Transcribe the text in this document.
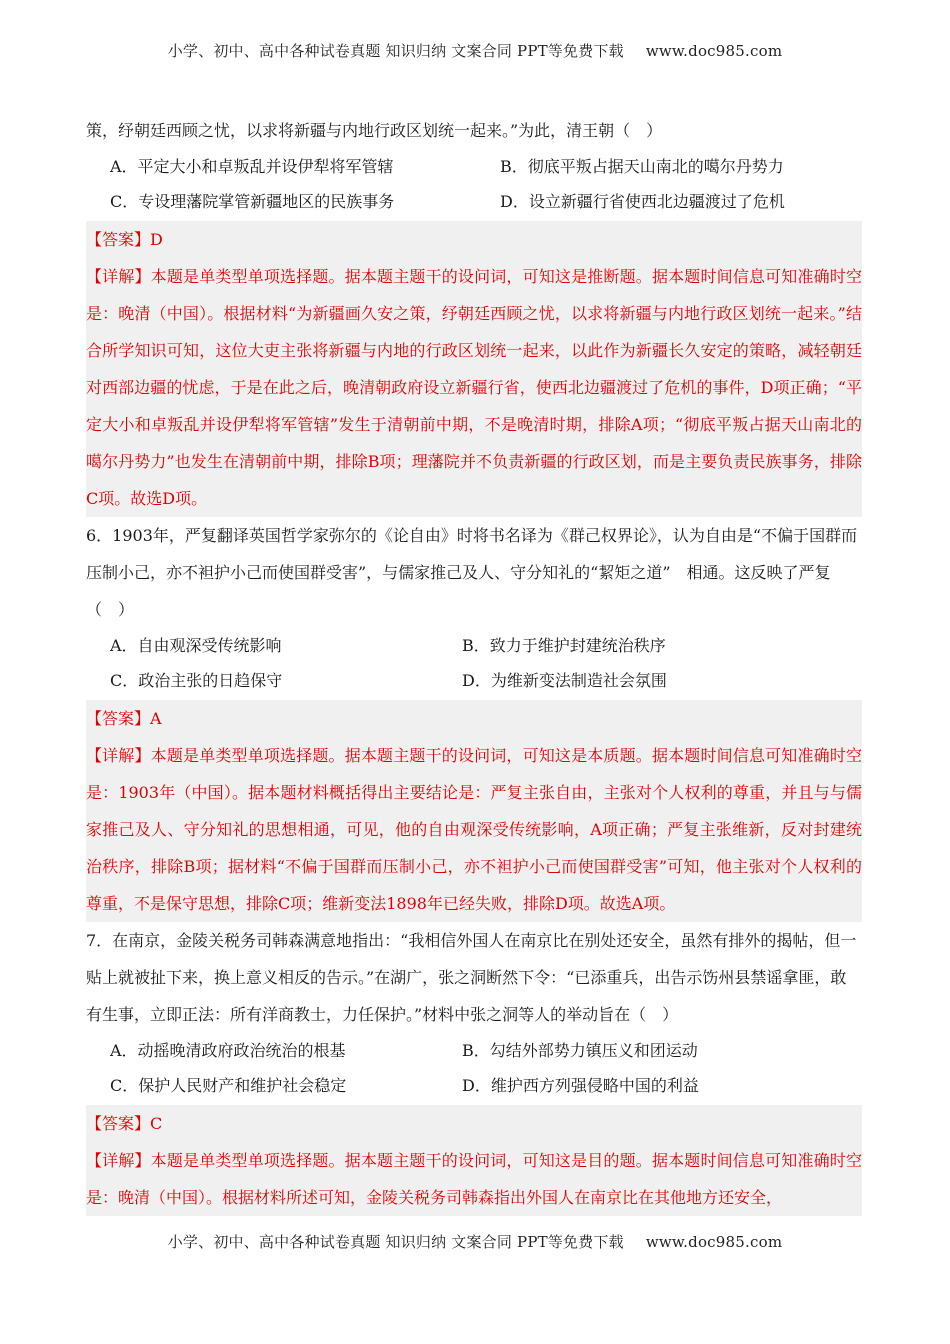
小学、初中、高中各种试卷真题 知识归纳 文案合同 PPT等免费下载 www.doc985.com

策，纾朝廷西顾之忧，以求将新疆与内地行政区划统一起来。”为此，清王朝（　）

A．平定大小和卓叛乱并设伊犁将军管辖	B．彻底平叛占据天山南北的噶尔丹势力
C．专设理藩院掌管新疆地区的民族事务	D．设立新疆行省使西北边疆渡过了危机

【答案】D

【详解】本题是单类型单项选择题。据本题主题干的设问词，可知这是推断题。据本题时间信息可知准确时空是：晚清（中国）。根据材料“为新疆画久安之策，纾朝廷西顾之忧，以求将新疆与内地行政区划统一起来。”结合所学知识可知，这位大吏主张将新疆与内地的行政区划统一起来，以此作为新疆长久安定的策略，减轻朝廷对西部边疆的忧虑，于是在此之后，晚清朝政府设立新疆行省，使西北边疆渡过了危机的事件，D项正确；“平定大小和卓叛乱并设伊犁将军管辖”发生于清朝前中期，不是晚清时期，排除A项；“彻底平叛占据天山南北的噶尔丹势力”也发生在清朝前中期，排除B项；理藩院并不负责新疆的行政区划，而是主要负责民族事务，排除C项。故选D项。

6．1903年，严复翻译英国哲学家弥尔的《论自由》时将书名译为《群己权界论》，认为自由是“不偏于国群而压制小己，亦不袒护小己而使国群受害”，与儒家推己及人、守分知礼的“絜矩之道”　相通。这反映了严复（　）

A．自由观深受传统影响	B．致力于维护封建统治秩序
C．政治主张的日趋保守	D．为维新变法制造社会氛围

【答案】A

【详解】本题是单类型单项选择题。据本题主题干的设问词，可知这是本质题。据本题时间信息可知准确时空是：1903年（中国）。据本题材料概括得出主要结论是：严复主张自由，主张对个人权利的尊重，并且与与儒家推己及人、守分知礼的思想相通，可见，他的自由观深受传统影响，A项正确；严复主张维新，反对封建统治秩序，排除B项；据材料“不偏于国群而压制小己，亦不袒护小己而使国群受害”可知，他主张对个人权利的尊重，不是保守思想，排除C项；维新变法1898年已经失败，排除D项。故选A项。

7．在南京，金陵关税务司韩森满意地指出：“我相信外国人在南京比在别处还安全，虽然有排外的揭帖，但一贴上就被扯下来，换上意义相反的告示。”在湖广，张之洞断然下令：“已添重兵，出告示饬州县禁谣拿匪，敢有生事，立即正法：所有洋商教士，力任保护。”材料中张之洞等人的举动旨在（　）

A．动摇晚清政府政治统治的根基	B．勾结外部势力镇压义和团运动
C．保护人民财产和维护社会稳定	D．维护西方列强侵略中国的利益

【答案】C

【详解】本题是单类型单项选择题。据本题主题干的设问词，可知这是目的题。据本题时间信息可知准确时空是：晚清（中国）。根据材料所述可知，金陵关税务司韩森指出外国人在南京比在其他地方还安全，

小学、初中、高中各种试卷真题 知识归纳 文案合同 PPT等免费下载 www.doc985.com
